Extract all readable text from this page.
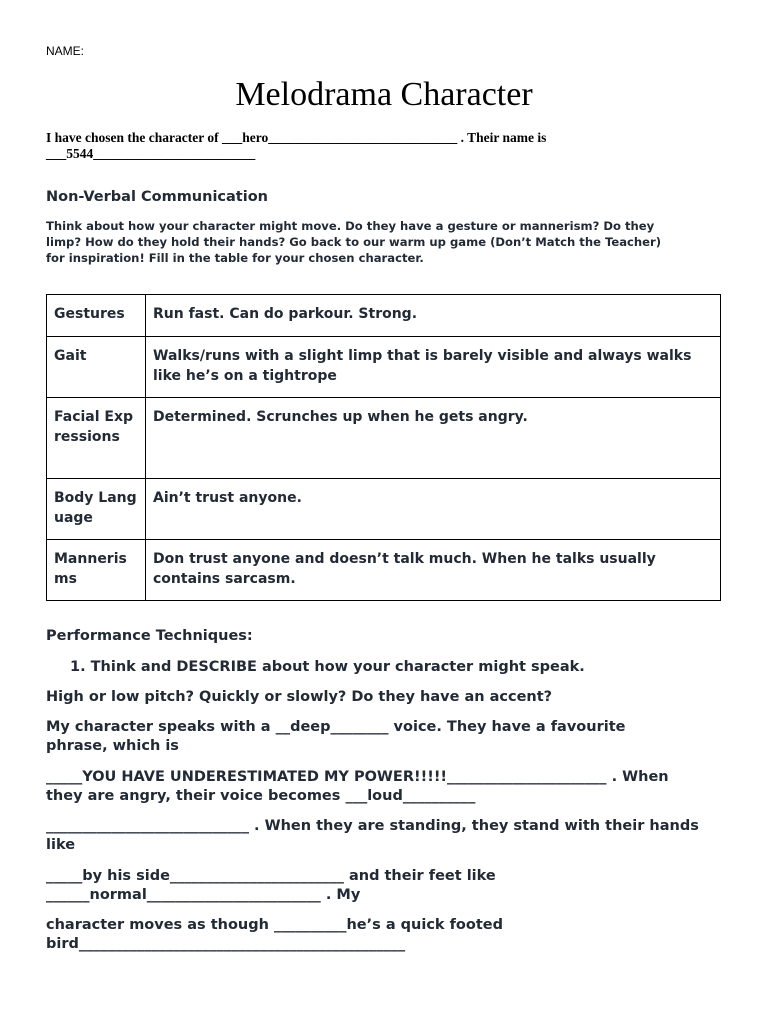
NAME:
Melodrama Character
I have chosen the character of ___hero____________________________ . Their name is
___5544________________________
Non-Verbal Communication
Think about how your character might move. Do they have a gesture or mannerism? Do they
limp? How do they hold their hands? Go back to our warm up game (Don’t Match the Teacher)
for inspiration! Fill in the table for your chosen character.
Gestures	Run fast. Can do parkour. Strong.
Gait	Walks/runs with a slight limp that is barely visible and always walks like he’s on a tightrope
Facial Expressions	Determined. Scrunches up when he gets angry.
Body Language	Ain’t trust anyone.
Mannerisms	Don trust anyone and doesn’t talk much. When he talks usually contains sarcasm.
Performance Techniques:
1. Think and DESCRIBE about how your character might speak.
High or low pitch? Quickly or slowly? Do they have an accent?
My character speaks with a __deep________ voice. They have a favourite
phrase, which is
_____YOU HAVE UNDERESTIMATED MY POWER!!!!!______________________ . When
they are angry, their voice becomes ___loud__________
____________________________ . When they are standing, they stand with their hands
like
_____by his side________________________ and their feet like
______normal________________________ . My
character moves as though __________he’s a quick footed
bird_____________________________________________
